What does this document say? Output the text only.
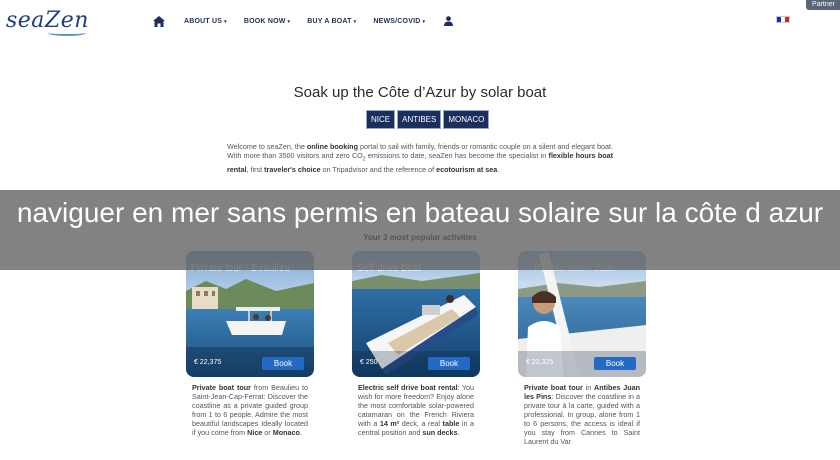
seaZen	ABOUT US ▾ BOOK NOW ▾ BUY A BOAT ▾ NEWS/COVID ▾
Partner
Soak up the Côte d’Azur by solar boat
NICE	ANTIBES	MONACO
Welcome to seaZen, the online booking portal to sail with family, friends or romantic couple on a silent and elegant boat. With more than 3500 visitors and zero $CO_2$ emissions to date, seaZen has become the specialist in flexible hours boat rental, first traveler's choice on Tripadvisor and the reference of ecotourism at sea.
€ 22,375	Book	€ 250	Book	€ 22,325	Book
Private boat tour from Beaulieu to Saint-Jean-Cap-Ferrat: Discover the coastline as a private guided group from 1 to 6 people. Admire the most beautiful landscapes Ideally located if you come from Nice or Monaco.
Electric self drive boat rental: You wish for more freedom? Enjoy alone the most comfortable solar-powered catamaran on the French Riviera with a 14 m² deck, a real table in a central position and sun decks.
Private boat tour in Antibes Juan les Pins: Discover the coastline in a private tour à la carte, guided with a professional. In group, alone from 1 to 6 persons, the access is ideal if you stay from Cannes to Saint Laurent du Var
naviguer en mer sans permis en bateau solaire sur la côte d azur
